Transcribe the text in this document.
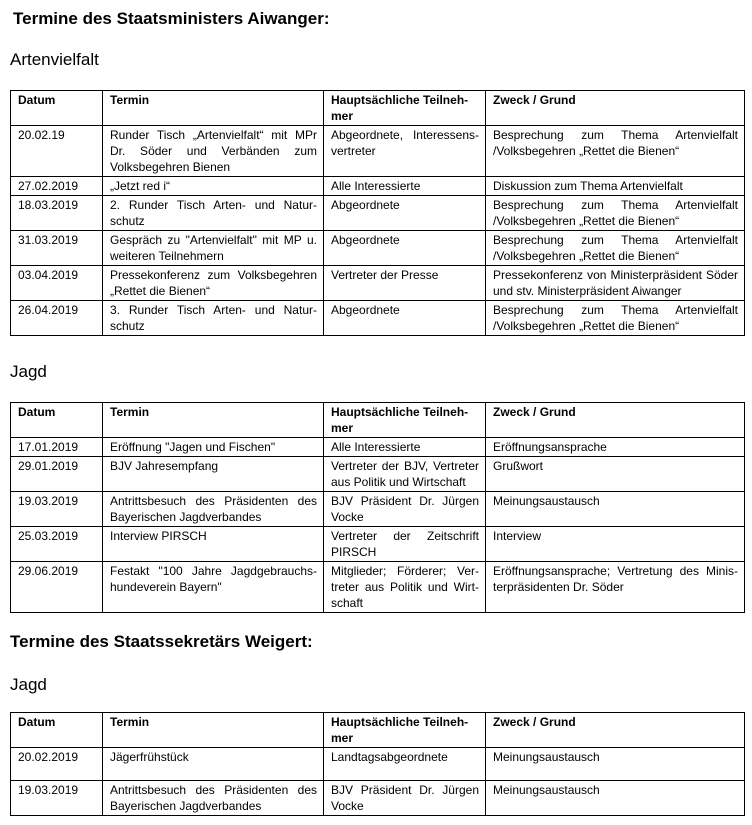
Termine des Staatsministers Aiwanger:
Artenvielfalt
Datum	Termin	Hauptsächliche Teilnehmer	Zweck / Grund
20.02.19	Runder Tisch „Artenvielfalt“ mit MPr Dr. Söder und Verbänden zum Volksbegehren Bienen	Abgeordnete, Interessensvertreter	Besprechung zum Thema Artenvielfalt /Volksbegehren „Rettet die Bienen“
27.02.2019	„Jetzt red i“	Alle Interessierte	Diskussion zum Thema Artenvielfalt
18.03.2019	2. Runder Tisch Arten- und Naturschutz	Abgeordnete	Besprechung zum Thema Artenvielfalt /Volksbegehren „Rettet die Bienen“
31.03.2019	Gespräch zu "Artenvielfalt" mit MP u. weiteren Teilnehmern	Abgeordnete	Besprechung zum Thema Artenvielfalt /Volksbegehren „Rettet die Bienen“
03.04.2019	Pressekonferenz zum Volksbegehren „Rettet die Bienen“	Vertreter der Presse	Pressekonferenz von Ministerpräsident Söder und stv. Ministerpräsident Aiwanger
26.04.2019	3. Runder Tisch Arten- und Naturschutz	Abgeordnete	Besprechung zum Thema Artenvielfalt /Volksbegehren „Rettet die Bienen“
Jagd
Datum	Termin	Hauptsächliche Teilnehmer	Zweck / Grund
17.01.2019	Eröffnung "Jagen und Fischen"	Alle Interessierte	Eröffnungsansprache
29.01.2019	BJV Jahresempfang	Vertreter der BJV, Vertreter aus Politik und Wirtschaft	Grußwort
19.03.2019	Antrittsbesuch des Präsidenten des Bayerischen Jagdverbandes	BJV Präsident Dr. Jürgen Vocke	Meinungsaustausch
25.03.2019	Interview PIRSCH	Vertreter der Zeitschrift PIRSCH	Interview
29.06.2019	Festakt "100 Jahre Jagdgebrauchshundeverein Bayern"	Mitglieder; Förderer; Vertreter aus Politik und Wirtschaft	Eröffnungsansprache; Vertretung des Ministerpräsidenten Dr. Söder
Termine des Staatssekretärs Weigert:
Jagd
Datum	Termin	Hauptsächliche Teilnehmer	Zweck / Grund
20.02.2019	Jägerfrühstück	Landtagsabgeordnete	Meinungsaustausch
19.03.2019	Antrittsbesuch des Präsidenten des Bayerischen Jagdverbandes	BJV Präsident Dr. Jürgen Vocke	Meinungsaustausch
